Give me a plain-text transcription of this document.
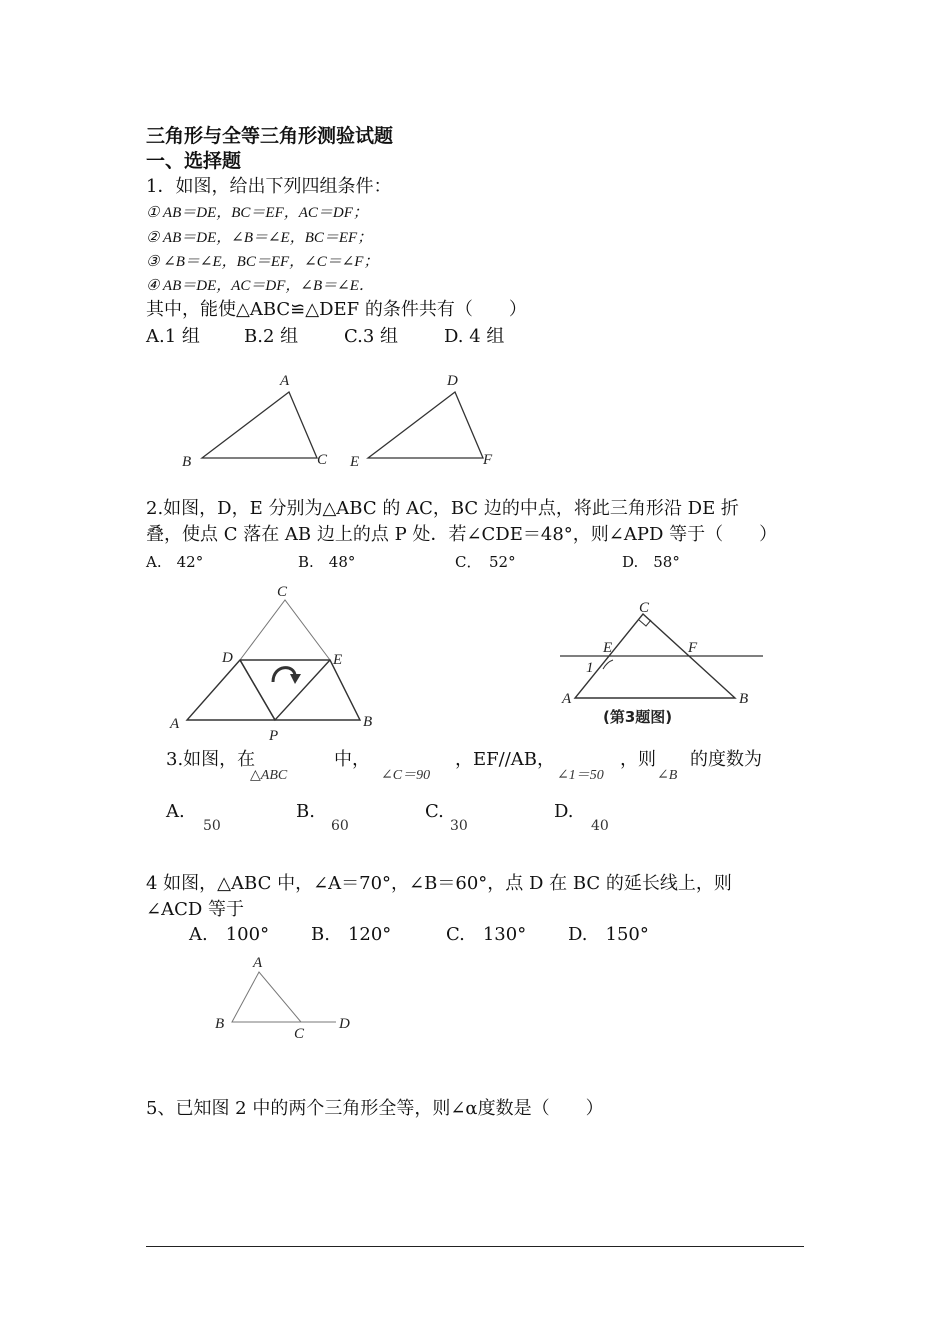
三角形与全等三角形测验试题
一、选择题
1．如图，给出下列四组条件：
① AB＝DE，BC＝EF，AC＝DF；
② AB＝DE，∠B＝∠E，BC＝EF；
③ ∠B＝∠E，BC＝EF，∠C＝∠F；
④ AB＝DE，AC＝DF，∠B＝∠E．
其中，能使△ABC≌△DEF 的条件共有（　　）
A.1 组 B.2 组	C.3 组	D. 4 组
A
B	C
D
E	F
2.如图，D，E 分别为△ABC 的 AC，BC 边的中点，将此三角形沿 DE 折
叠，使点 C 落在 AB 边上的点 P 处．若∠CDE＝48°，则∠APD 等于（　　）
A.　42°	B.　48°	C．　52°	D.　58°
C
D	E
A	B
P
C
E	F
1
A	B
(第3题图)
3.如图，在
△ABC
中，
∠C＝90
，EF//AB，
∠1＝50
，则
∠B
的度数为
A.
50
B.
60
C.
30
D.
40
4 如图，△ABC 中，∠A＝70°，∠B＝60°，点 D 在 BC 的延长线上，则
∠ACD 等于
A.　100° B.　120°	C.　130° D.　150°
A
B
C
D
5、已知图 2 中的两个三角形全等，则∠α度数是（　　）
